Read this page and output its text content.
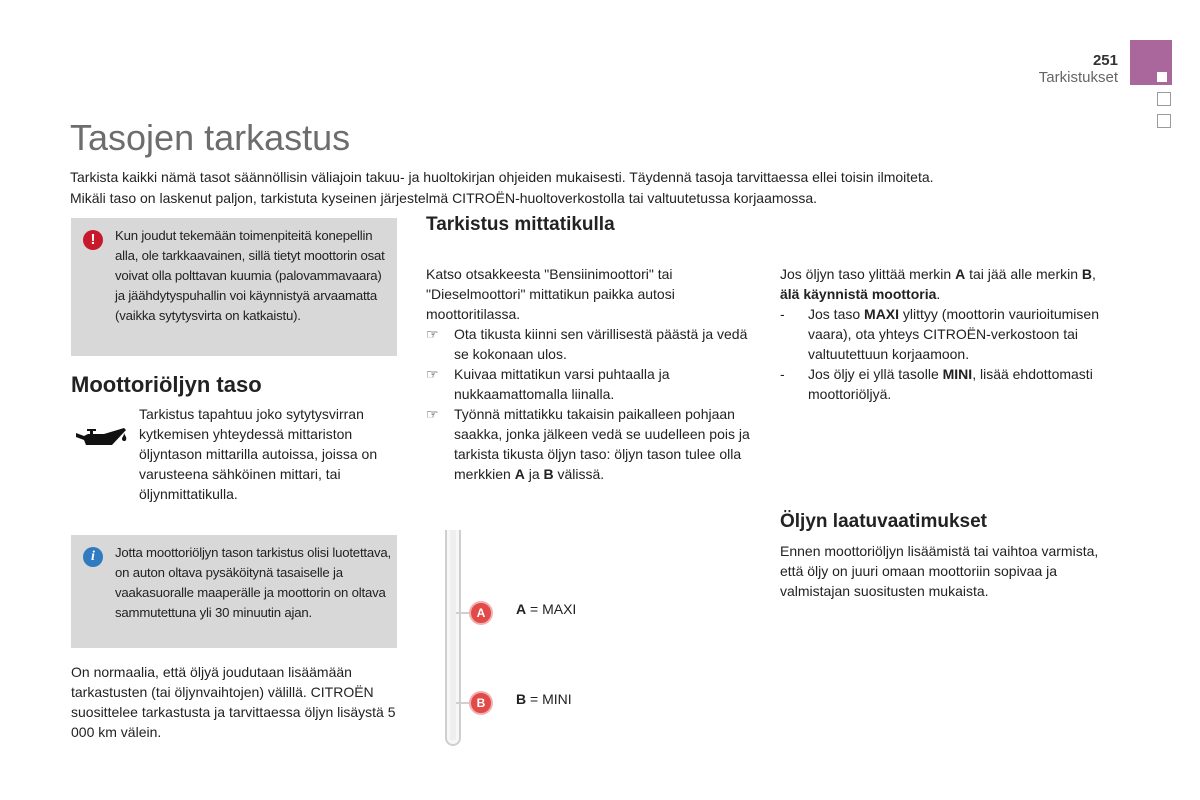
251
Tarkistukset
Tasojen tarkastus

Tarkista kaikki nämä tasot säännöllisin väliajoin takuu- ja huoltokirjan ohjeiden mukaisesti. Täydennä tasoja tarvittaessa ellei toisin ilmoiteta.

Mikäli taso on laskenut paljon, tarkistuta kyseinen järjestelmä CITROËN-huoltoverkostolla tai valtuutetussa korjaamossa.

!	Kun joudut tekemään toimenpiteitä konepellin alla, ole tarkkaavainen, sillä tietyt moottorin osat voivat olla polttavan kuumia (palovammavaara) ja jäähdytyspuhallin voi käynnistyä arvaamatta (vaikka sytytysvirta on katkaistu).

Moottoriöljyn taso
Tarkistus tapahtuu joko sytytysvirran kytkemisen yhteydessä mittariston öljyntason mittarilla autoissa, joissa on varusteena sähköinen mittari, tai öljynmittatikulla.
i	Jotta moottoriöljyn tason tarkistus olisi luotettava, on auton oltava pysäköitynä tasaiselle ja vaakasuoralle maaperälle ja moottorin on oltava sammutettuna yli 30 minuutin ajan.

On normaalia, että öljyä joudutaan lisäämään tarkastusten (tai öljynvaihtojen) välillä. CITROËN suosittelee tarkastusta ja tarvittaessa öljyn lisäystä 5 000 km välein.
Tarkistus mittatikulla

Katso otsakkeesta "Bensiinimoottori" tai "Dieselmoottori" mittatikun paikka autosi moottoritilassa.

☞	Ota tikusta kiinni sen värillisestä päästä ja vedä se kokonaan ulos.
☞	Kuivaa mittatikun varsi puhtaalla ja nukkaamattomalla liinalla.
☞	Työnnä mittatikku takaisin paikalleen pohjaan saakka, jonka jälkeen vedä se uudelleen pois ja tarkista tikusta öljyn taso: öljyn tason tulee olla merkkien A ja B välissä.
A
B
A = MAXI
B = MINI

Jos öljyn taso ylittää merkin A tai jää alle merkin B, älä käynnistä moottoria.

-	Jos taso MAXI ylittyy (moottorin vaurioitumisen vaara), ota yhteys CITROËN-verkostoon tai valtuutettuun korjaamoon.
-	Jos öljy ei yllä tasolle MINI, lisää ehdottomasti moottoriöljyä.
Öljyn laatuvaatimukset
Ennen moottoriöljyn lisäämistä tai vaihtoa varmista, että öljy on juuri omaan moottoriin sopivaa ja valmistajan suositusten mukaista.
